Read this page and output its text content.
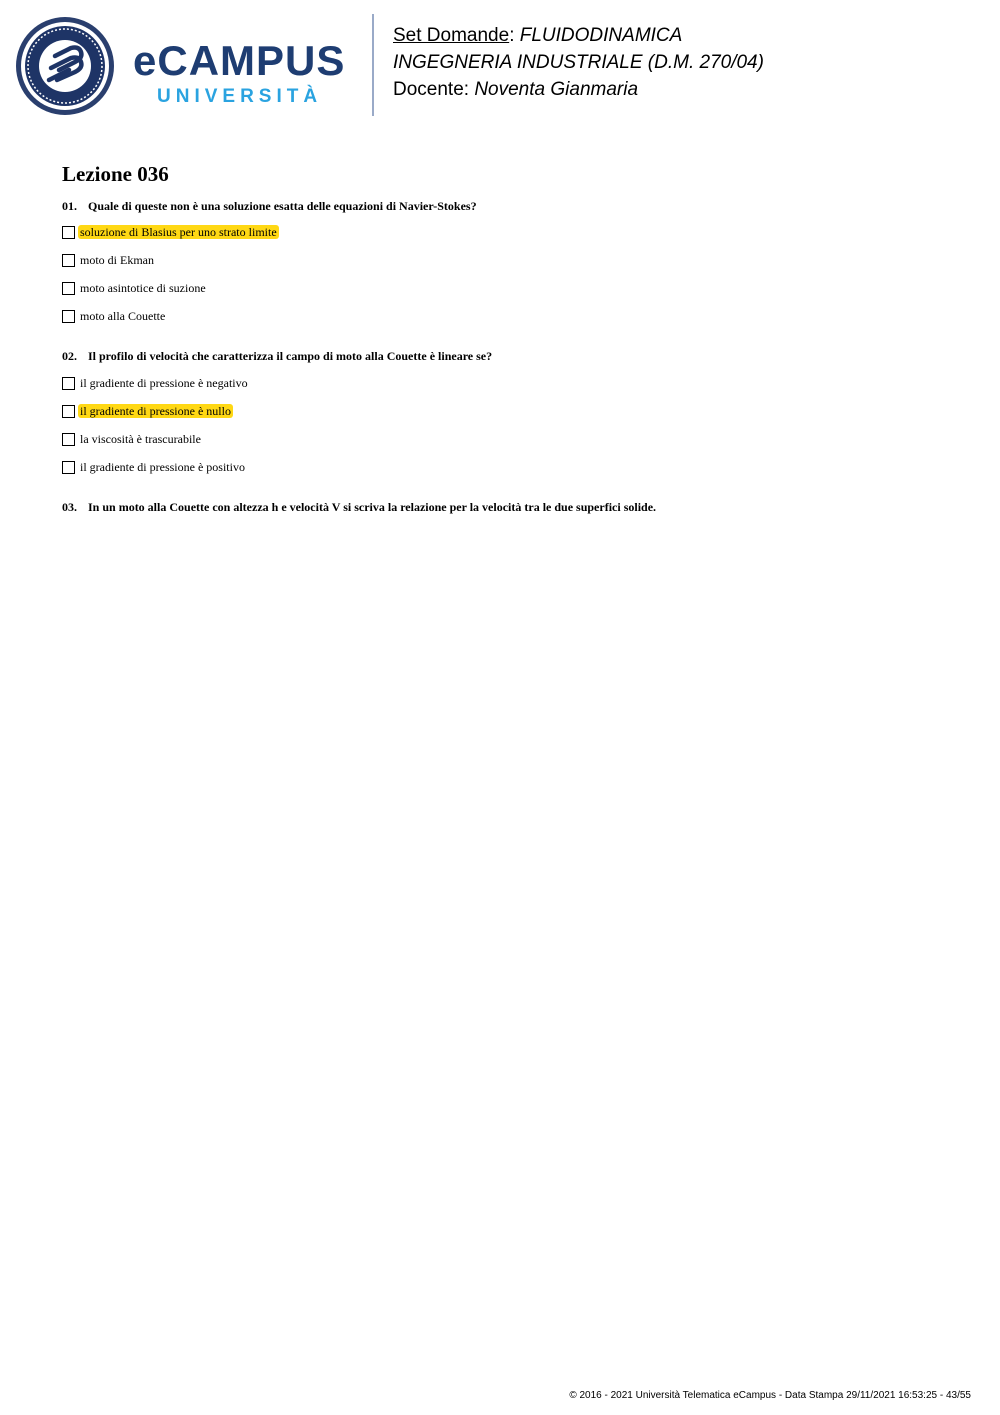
eCAMPUS
UNIVERSITÀ
Set Domande: FLUIDODINAMICA
INGEGNERIA INDUSTRIALE (D.M. 270/04)
Docente: Noventa Gianmaria
Lezione 036
01. Quale di queste non è una soluzione esatta delle equazioni di Navier-Stokes?
soluzione di Blasius per uno strato limite
moto di Ekman
moto asintotice di suzione
moto alla Couette
02. Il profilo di velocità che caratterizza il campo di moto alla Couette è lineare se?
il gradiente di pressione è negativo
il gradiente di pressione è nullo
la viscosità è trascurabile
il gradiente di pressione è positivo
03. In un moto alla Couette con altezza h e velocità V si scriva la relazione per la velocità tra le due superfici solide.
© 2016 - 2021 Università Telematica eCampus - Data Stampa 29/11/2021 16:53:25 - 43/55
